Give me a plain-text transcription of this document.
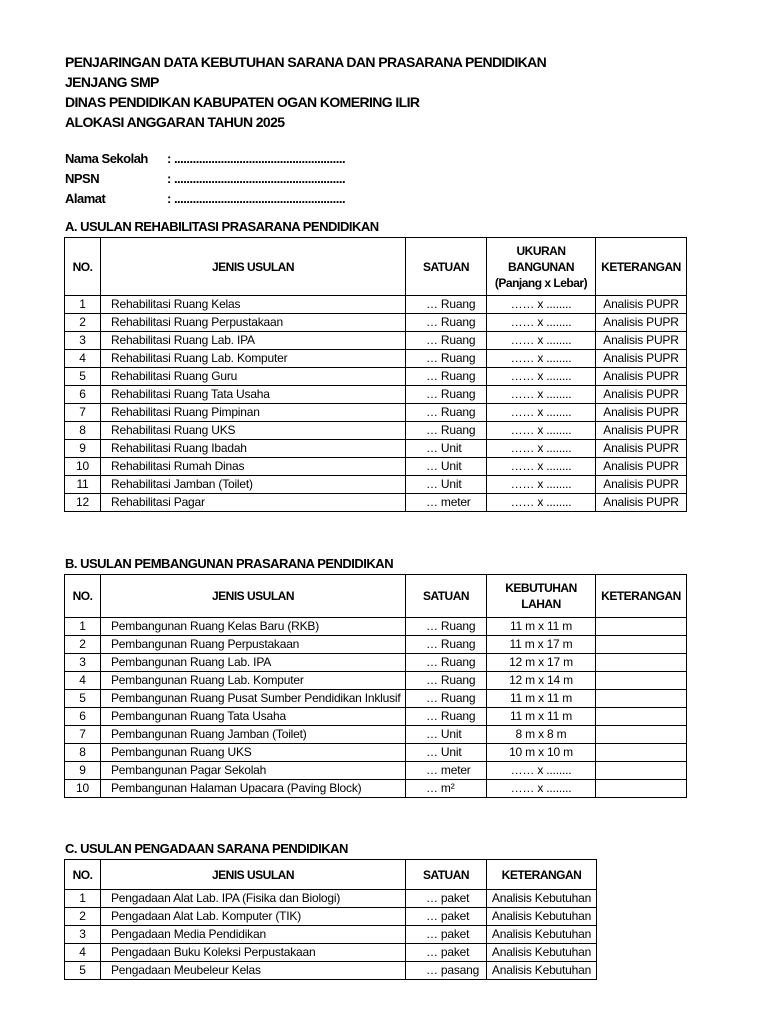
PENJARINGAN DATA KEBUTUHAN SARANA DAN PRASARANA PENDIDIKAN
JENJANG SMP
DINAS PENDIDIKAN KABUPATEN OGAN KOMERING ILIR
ALOKASI ANGGARAN TAHUN 2025
Nama Sekolah	: .......................................................
NPSN	: .......................................................
Alamat	: .......................................................
A. USULAN REHABILITASI PRASARANA PENDIDIKAN
NO.	JENIS USULAN	SATUAN	UKURAN
BANGUNAN
(Panjang x Lebar)	KETERANGAN
1	Rehabilitasi Ruang Kelas	… Ruang	…… x ........	Analisis PUPR
2	Rehabilitasi Ruang Perpustakaan	… Ruang	…… x ........	Analisis PUPR
3	Rehabilitasi Ruang Lab. IPA	… Ruang	…… x ........	Analisis PUPR
4	Rehabilitasi Ruang Lab. Komputer	… Ruang	…… x ........	Analisis PUPR
5	Rehabilitasi Ruang Guru	… Ruang	…… x ........	Analisis PUPR
6	Rehabilitasi Ruang Tata Usaha	… Ruang	…… x ........	Analisis PUPR
7	Rehabilitasi Ruang Pimpinan	… Ruang	…… x ........	Analisis PUPR
8	Rehabilitasi Ruang UKS	… Ruang	…… x ........	Analisis PUPR
9	Rehabilitasi Ruang Ibadah	… Unit	…… x ........	Analisis PUPR
10	Rehabilitasi Rumah Dinas	… Unit	…… x ........	Analisis PUPR
11	Rehabilitasi Jamban (Toilet)	… Unit	…… x ........	Analisis PUPR
12	Rehabilitasi Pagar	… meter	…… x ........	Analisis PUPR
B. USULAN PEMBANGUNAN PRASARANA PENDIDIKAN
NO.	JENIS USULAN	SATUAN	KEBUTUHAN
LAHAN	KETERANGAN
1	Pembangunan Ruang Kelas Baru (RKB)	… Ruang	11 m x 11 m	
2	Pembangunan Ruang Perpustakaan	… Ruang	11 m x 17 m	
3	Pembangunan Ruang Lab. IPA	… Ruang	12 m x 17 m	
4	Pembangunan Ruang Lab. Komputer	… Ruang	12 m x 14 m	
5	Pembangunan Ruang Pusat Sumber Pendidikan Inklusif	… Ruang	11 m x 11 m	
6	Pembangunan Ruang Tata Usaha	… Ruang	11 m x 11 m	
7	Pembangunan Ruang Jamban (Toilet)	… Unit	8 m x 8 m	
8	Pembangunan Ruang UKS	… Unit	10 m x 10 m	
9	Pembangunan Pagar Sekolah	… meter	…… x ........	
10	Pembangunan Halaman Upacara (Paving Block)	… m²	…… x ........	
C. USULAN PENGADAAN SARANA PENDIDIKAN
NO.	JENIS USULAN	SATUAN	KETERANGAN
1	Pengadaan Alat Lab. IPA (Fisika dan Biologi)	… paket	Analisis Kebutuhan
2	Pengadaan Alat Lab. Komputer (TIK)	… paket	Analisis Kebutuhan
3	Pengadaan Media Pendidikan	… paket	Analisis Kebutuhan
4	Pengadaan Buku Koleksi Perpustakaan	… paket	Analisis Kebutuhan
5	Pengadaan Meubeleur Kelas	… pasang	Analisis Kebutuhan
